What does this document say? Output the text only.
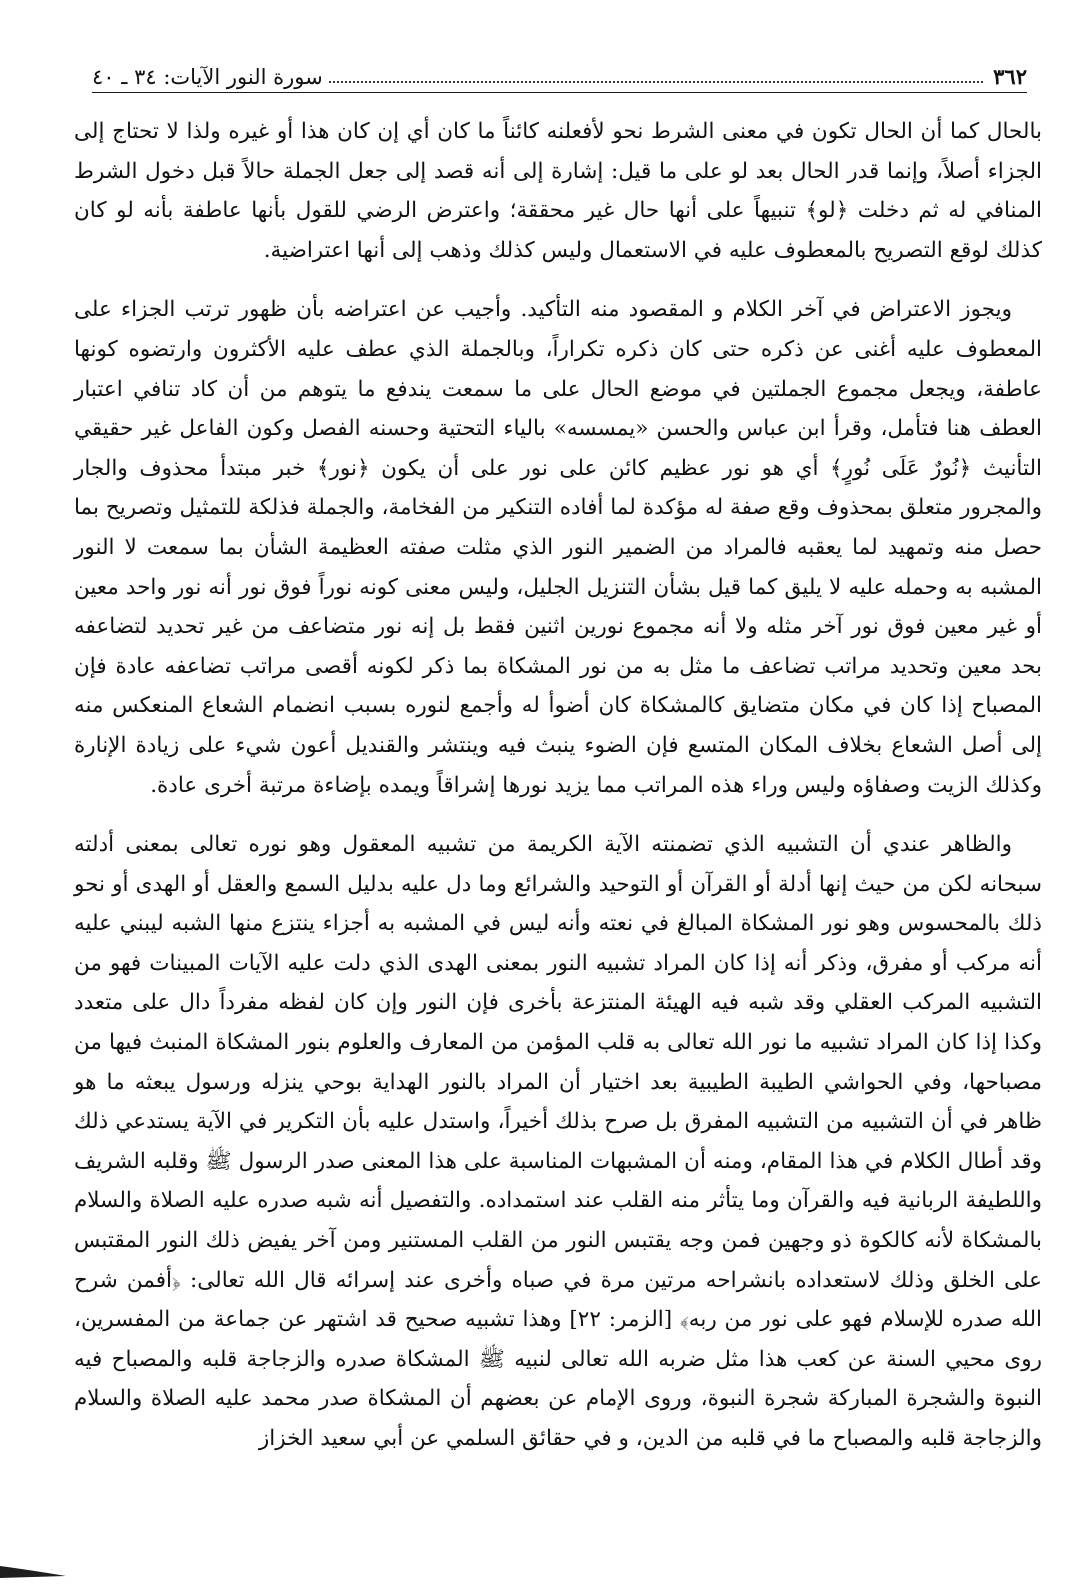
٣٦٢
سورة النور الآيات: ٣٤ ـ ٤٠

بالحال كما أن الحال تكون في معنى الشرط نحو لأفعلنه كائناً ما كان أي إن كان هذا أو غيره ولذا لا تحتاج إلى الجزاء أصلاً، وإنما قدر الحال بعد لو على ما قيل: إشارة إلى أنه قصد إلى جعل الجملة حالاً قبل دخول الشرط المنافي له ثم دخلت ﴿لو﴾ تنبيهاً على أنها حال غير محققة؛ واعترض الرضي للقول بأنها عاطفة بأنه لو كان كذلك لوقع التصريح بالمعطوف عليه في الاستعمال وليس كذلك وذهب إلى أنها اعتراضية.

ويجوز الاعتراض في آخر الكلام و المقصود منه التأكيد. وأجيب عن اعتراضه بأن ظهور ترتب الجزاء على المعطوف عليه أغنى عن ذكره حتى كان ذكره تكراراً، وبالجملة الذي عطف عليه الأكثرون وارتضوه كونها عاطفة، ويجعل مجموع الجملتين في موضع الحال على ما سمعت يندفع ما يتوهم من أن كاد تنافي اعتبار العطف هنا فتأمل، وقرأ ابن عباس والحسن «يمسسه» بالياء التحتية وحسنه الفصل وكون الفاعل غير حقيقي التأنيث ﴿نُورٌ عَلَى نُورٍ﴾ أي هو نور عظيم كائن على نور على أن يكون ﴿نور﴾ خبر مبتدأ محذوف والجار والمجرور متعلق بمحذوف وقع صفة له مؤكدة لما أفاده التنكير من الفخامة، والجملة فذلكة للتمثيل وتصريح بما حصل منه وتمهيد لما يعقبه فالمراد من الضمير النور الذي مثلت صفته العظيمة الشأن بما سمعت لا النور المشبه به وحمله عليه لا يليق كما قيل بشأن التنزيل الجليل، وليس معنى كونه نوراً فوق نور أنه نور واحد معين أو غير معين فوق نور آخر مثله ولا أنه مجموع نورين اثنين فقط بل إنه نور متضاعف من غير تحديد لتضاعفه بحد معين وتحديد مراتب تضاعف ما مثل به من نور المشكاة بما ذكر لكونه أقصى مراتب تضاعفه عادة فإن المصباح إذا كان في مكان متضايق كالمشكاة كان أضوأ له وأجمع لنوره بسبب انضمام الشعاع المنعكس منه إلى أصل الشعاع بخلاف المكان المتسع فإن الضوء ينبث فيه وينتشر والقنديل أعون شيء على زيادة الإنارة وكذلك الزيت وصفاؤه وليس وراء هذه المراتب مما يزيد نورها إشراقاً ويمده بإضاءة مرتبة أخرى عادة.

والظاهر عندي أن التشبيه الذي تضمنته الآية الكريمة من تشبيه المعقول وهو نوره تعالى بمعنى أدلته سبحانه لكن من حيث إنها أدلة أو القرآن أو التوحيد والشرائع وما دل عليه بدليل السمع والعقل أو الهدى أو نحو ذلك بالمحسوس وهو نور المشكاة المبالغ في نعته وأنه ليس في المشبه به أجزاء ينتزع منها الشبه ليبني عليه أنه مركب أو مفرق، وذكر أنه إذا كان المراد تشبيه النور بمعنى الهدى الذي دلت عليه الآيات المبينات فهو من التشبيه المركب العقلي وقد شبه فيه الهيئة المنتزعة بأخرى فإن النور وإن كان لفظه مفرداً دال على متعدد وكذا إذا كان المراد تشبيه ما نور الله تعالى به قلب المؤمن من المعارف والعلوم بنور المشكاة المنبث فيها من مصباحها، وفي الحواشي الطيبة الطيبية بعد اختيار أن المراد بالنور الهداية بوحي ينزله ورسول يبعثه ما هو ظاهر في أن التشبيه من التشبيه المفرق بل صرح بذلك أخيراً، واستدل عليه بأن التكرير في الآية يستدعي ذلك وقد أطال الكلام في هذا المقام، ومنه أن المشبهات المناسبة على هذا المعنى صدر الرسول ﷺ وقلبه الشريف واللطيفة الربانية فيه والقرآن وما يتأثر منه القلب عند استمداده. والتفصيل أنه شبه صدره عليه الصلاة والسلام بالمشكاة لأنه كالكوة ذو وجهين فمن وجه يقتبس النور من القلب المستنير ومن آخر يفيض ذلك النور المقتبس على الخلق وذلك لاستعداده بانشراحه مرتين مرة في صباه وأخرى عند إسرائه قال الله تعالى: ﴿أفمن شرح الله صدره للإسلام فهو على نور من ربه﴾ [الزمر: ٢٢] وهذا تشبيه صحيح قد اشتهر عن جماعة من المفسرين، روى محيي السنة عن كعب هذا مثل ضربه الله تعالى لنبيه ﷺ المشكاة صدره والزجاجة قلبه والمصباح فيه النبوة والشجرة المباركة شجرة النبوة، وروى الإمام عن بعضهم أن المشكاة صدر محمد عليه الصلاة والسلام والزجاجة قلبه والمصباح ما في قلبه من الدين، و في حقائق السلمي عن أبي سعيد الخزاز
